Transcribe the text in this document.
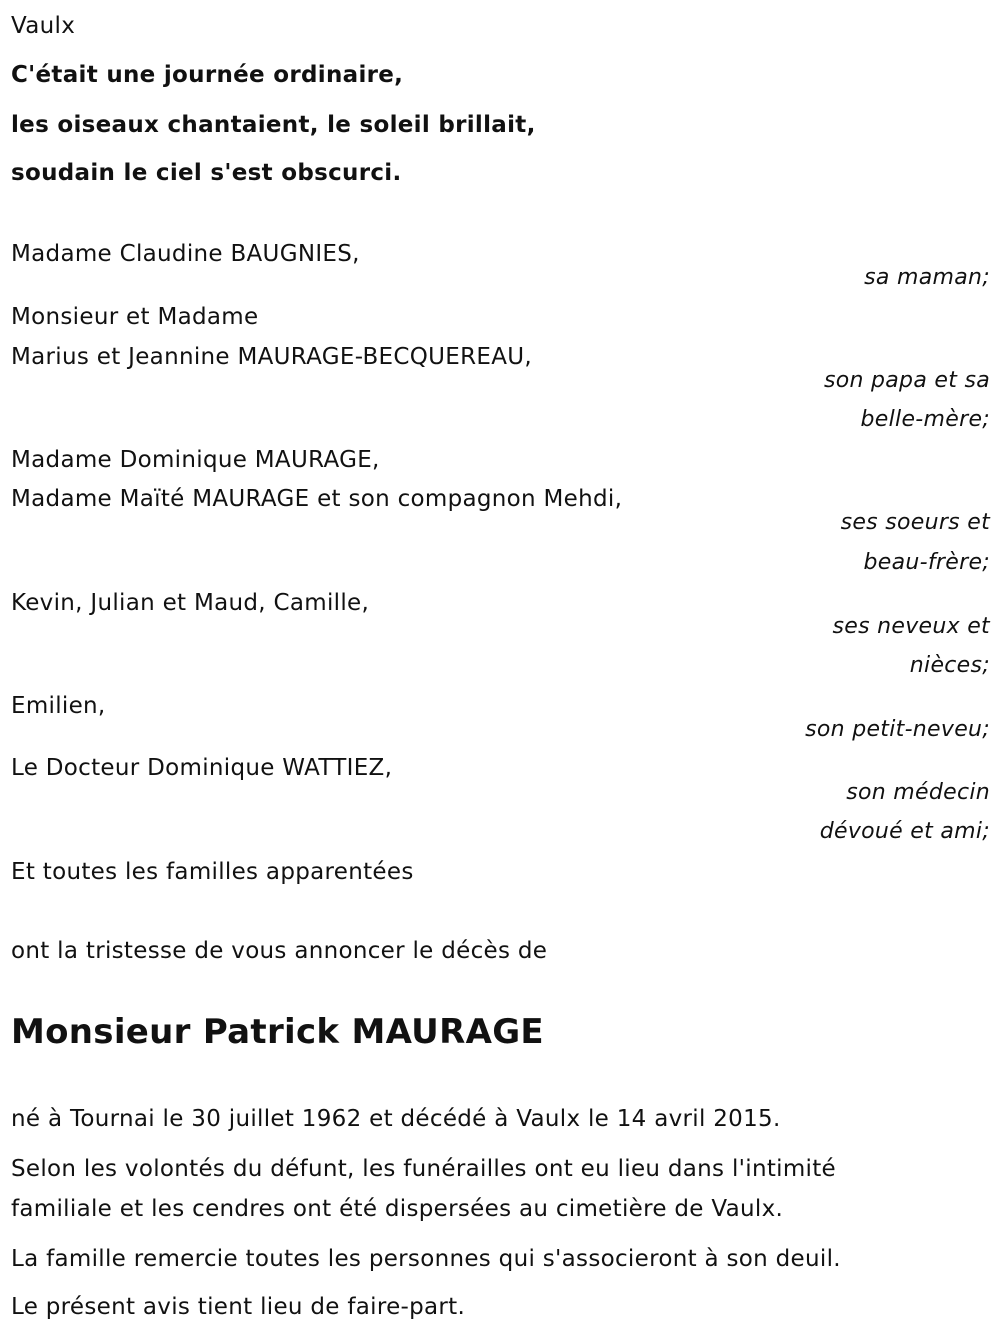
Vaulx
C'était une journée ordinaire,
les oiseaux chantaient, le soleil brillait,
soudain le ciel s'est obscurci.
Madame Claudine BAUGNIES,
sa maman;
Monsieur et Madame
Marius et Jeannine MAURAGE-BECQUEREAU,
son papa et sa
belle-mère;
Madame Dominique MAURAGE,
Madame Maïté MAURAGE et son compagnon Mehdi,
ses soeurs et
beau-frère;
Kevin, Julian et Maud, Camille,
ses neveux et
nièces;
Emilien,
son petit-neveu;
Le Docteur Dominique WATTIEZ,
son médecin
dévoué et ami;
Et toutes les familles apparentées
ont la tristesse de vous annoncer le décès de
Monsieur Patrick MAURAGE
né à Tournai le 30 juillet 1962 et décédé à Vaulx le 14 avril 2015.
Selon les volontés du défunt, les funérailles ont eu lieu dans l'intimité
familiale et les cendres ont été dispersées au cimetière de Vaulx.
La famille remercie toutes les personnes qui s'associeront à son deuil.
Le présent avis tient lieu de faire-part.
